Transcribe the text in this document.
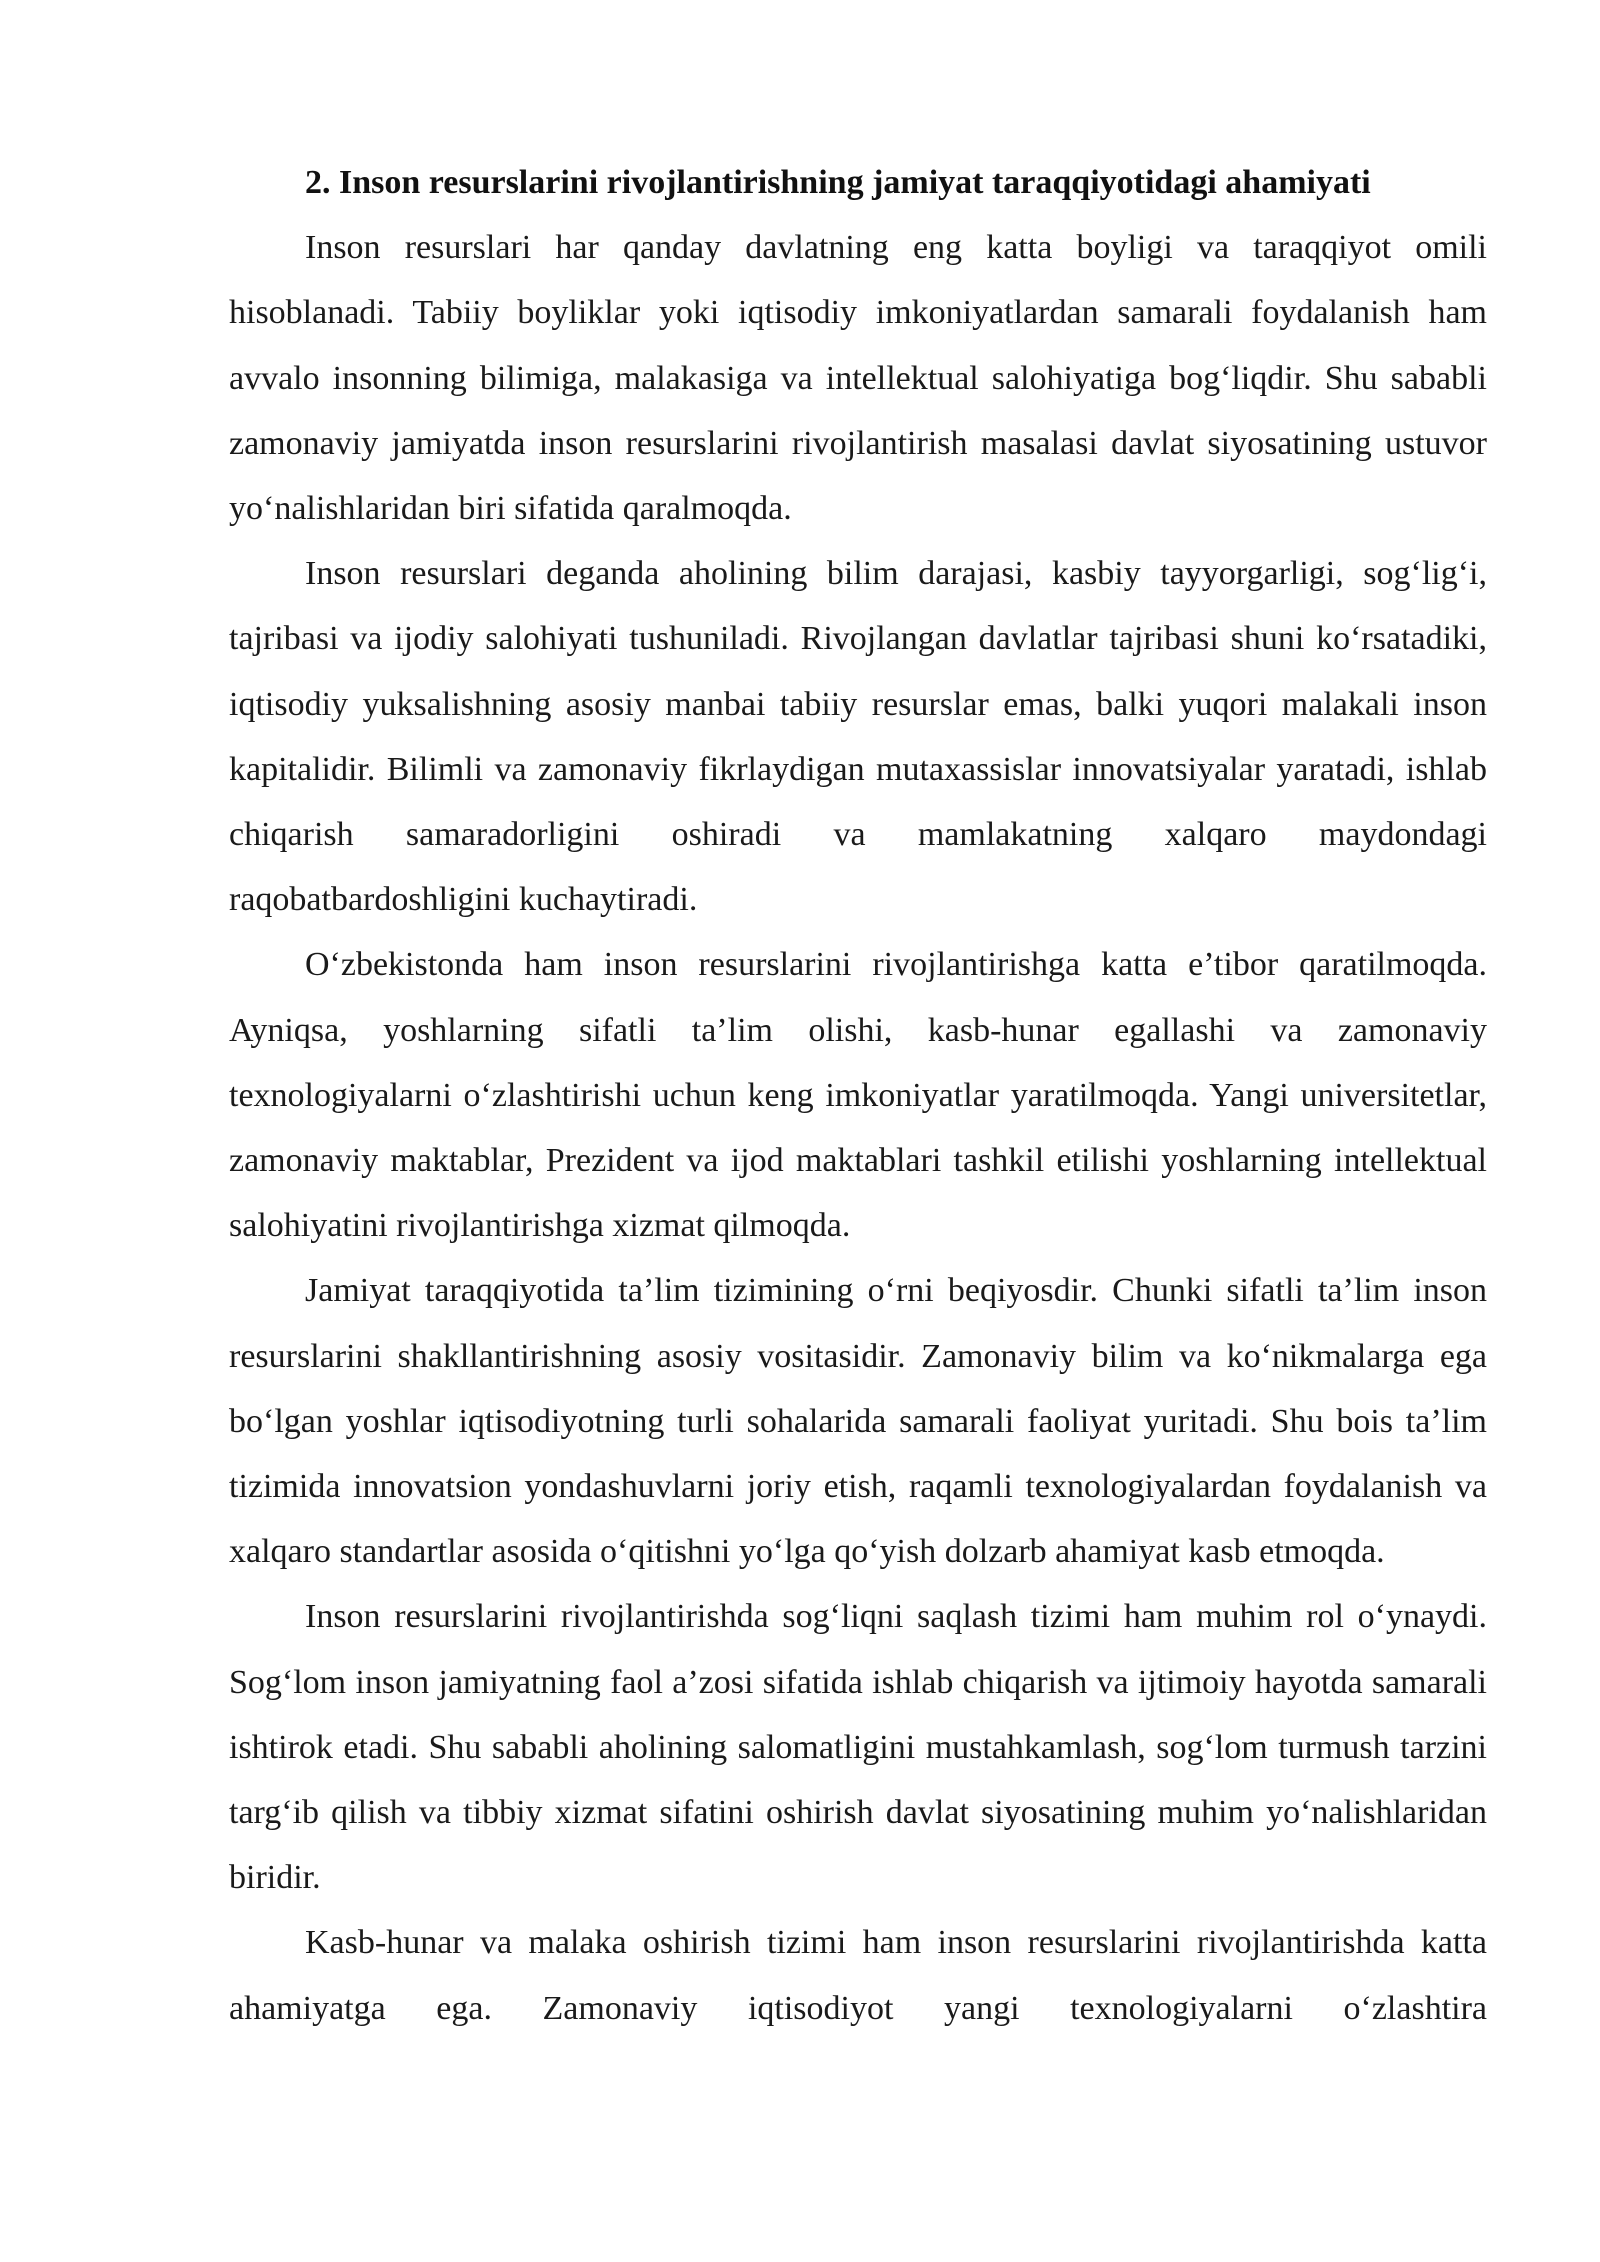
2. Inson resurslarini rivojlantirishning jamiyat taraqqiyotidagi ahamiyati

Inson resurslari har qanday davlatning eng katta boyligi va taraqqiyot omili hisoblanadi. Tabiiy boyliklar yoki iqtisodiy imkoniyatlardan samarali foydalanish ham avvalo insonning bilimiga, malakasiga va intellektual salohiyatiga bog‘liqdir. Shu sababli zamonaviy jamiyatda inson resurslarini rivojlantirish masalasi davlat siyosatining ustuvor yo‘nalishlaridan biri sifatida qaralmoqda.

Inson resurslari deganda aholining bilim darajasi, kasbiy tayyorgarligi, sog‘lig‘i, tajribasi va ijodiy salohiyati tushuniladi. Rivojlangan davlatlar tajribasi shuni ko‘rsatadiki, iqtisodiy yuksalishning asosiy manbai tabiiy resurslar emas, balki yuqori malakali inson kapitalidir. Bilimli va zamonaviy fikrlaydigan mutaxassislar innovatsiyalar yaratadi, ishlab chiqarish samaradorligini oshiradi va mamlakatning xalqaro maydondagi raqobatbardoshligini kuchaytiradi.

O‘zbekistonda ham inson resurslarini rivojlantirishga katta e’tibor qaratilmoqda. Ayniqsa, yoshlarning sifatli ta’lim olishi, kasb-hunar egallashi va zamonaviy texnologiyalarni o‘zlashtirishi uchun keng imkoniyatlar yaratilmoqda. Yangi universitetlar, zamonaviy maktablar, Prezident va ijod maktablari tashkil etilishi yoshlarning intellektual salohiyatini rivojlantirishga xizmat qilmoqda.

Jamiyat taraqqiyotida ta’lim tizimining o‘rni beqiyosdir. Chunki sifatli ta’lim inson resurslarini shakllantirishning asosiy vositasidir. Zamonaviy bilim va ko‘nikmalarga ega bo‘lgan yoshlar iqtisodiyotning turli sohalarida samarali faoliyat yuritadi. Shu bois ta’lim tizimida innovatsion yondashuvlarni joriy etish, raqamli texnologiyalardan foydalanish va xalqaro standartlar asosida o‘qitishni yo‘lga qo‘yish dolzarb ahamiyat kasb etmoqda.

Inson resurslarini rivojlantirishda sog‘liqni saqlash tizimi ham muhim rol o‘ynaydi. Sog‘lom inson jamiyatning faol a’zosi sifatida ishlab chiqarish va ijtimoiy hayotda samarali ishtirok etadi. Shu sababli aholining salomatligini mustahkamlash, sog‘lom turmush tarzini targ‘ib qilish va tibbiy xizmat sifatini oshirish davlat siyosatining muhim yo‘nalishlaridan biridir.

Kasb-hunar va malaka oshirish tizimi ham inson resurslarini rivojlantirishda katta ahamiyatga ega. Zamonaviy iqtisodiyot yangi texnologiyalarni o‘zlashtira
